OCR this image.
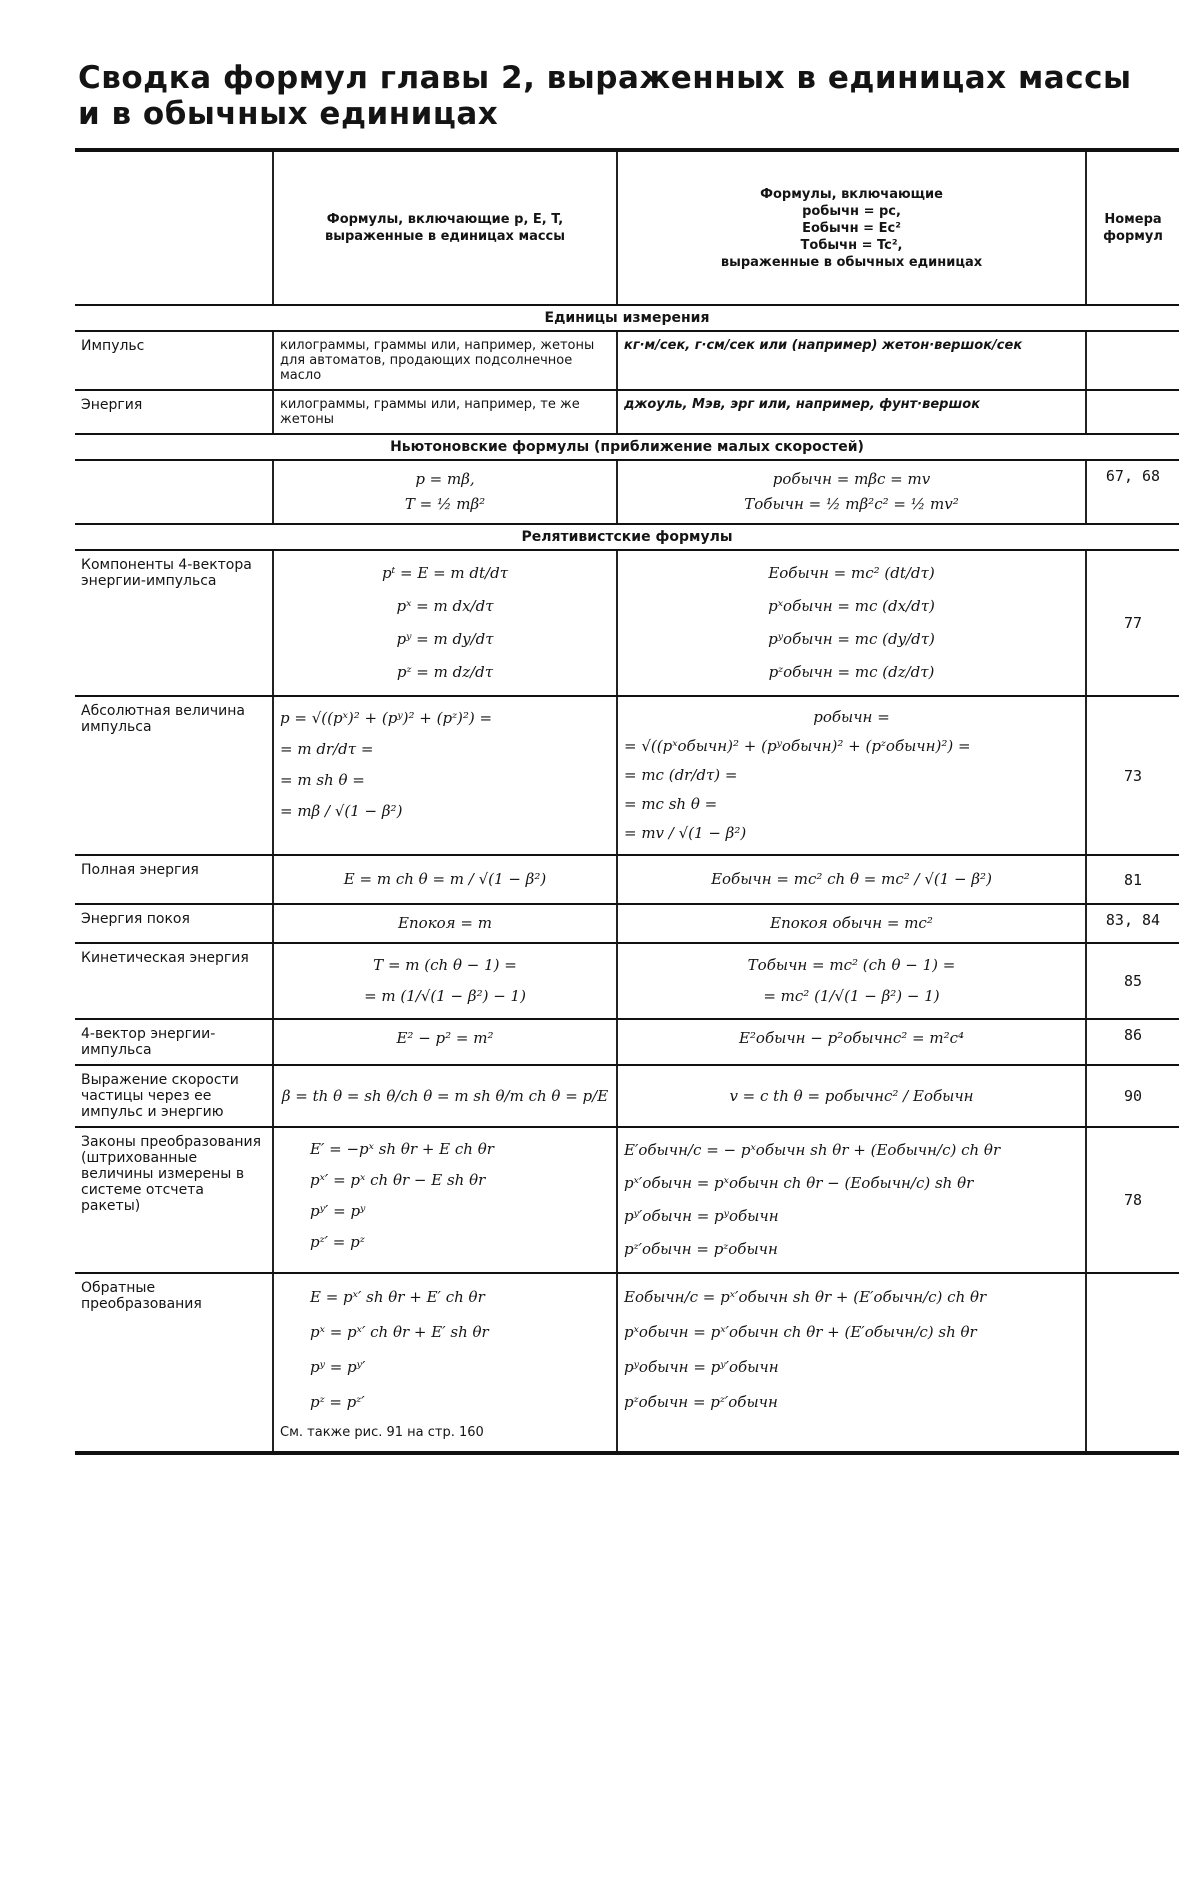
Сводка формул главы 2, выраженных в единицах массы и в обычных единицах
	Формулы, включающие p, E, T, выраженные в единицах массы	Формулы, включающие
pобычн = pc,
Eобычн = Ec²
Tобычн = Tc²,
выраженные в обычных единицах	Номера формул
Единицы измерения			
Импульс	килограммы, граммы или, например, жетоны для автоматов, продающих подсолнечное масло	кг·м/сек, г·см/сек или (например) жетон·вершок/сек	
Энергия	килограммы, граммы или, например, те же жетоны	джоуль, Мэв, эрг или, например, фунт·вершок	
Ньютоновские формулы (приближение малых скоростей)			

	p = mβ,
T = ½ mβ²	pобычн = mβc = mv
Tобычн = ½ mβ²c² = ½ mv²	67, 68
Релятивистские формулы			
Компоненты 4-вектора энергии-импульса	pᵗ = E = m dt/dτ
pˣ = m dx/dτ
pʸ = m dy/dτ
pᶻ = m dz/dτ	Eобычн = mc² (dt/dτ)
pˣобычн = mc (dx/dτ)
pʸобычн = mc (dy/dτ)
pᶻобычн = mc (dz/dτ)	77
Абсолютная величина импульса	p = √((pˣ)² + (pʸ)² + (pᶻ)²) =
= m dr/dτ =
= m sh θ =
= mβ / √(1 − β²)	pобычн =
= √((pˣобычн)² + (pʸобычн)² + (pᶻобычн)²) =
= mc (dr/dτ) =
= mc sh θ =
= mv / √(1 − β²)	73
Полная энергия	E = m ch θ = m / √(1 − β²)	Eобычн = mc² ch θ = mc² / √(1 − β²)	81
Энергия покоя	Eпокоя = m	Eпокоя обычн = mc²	83, 84
Кинетическая энергия	T = m (ch θ − 1) =
= m (1/√(1 − β²) − 1)	Tобычн = mc² (ch θ − 1) =
= mc² (1/√(1 − β²) − 1)	85
4-вектор энергии-импульса	E² − p² = m²	E²обычн − p²обычнc² = m²c⁴	86
Выражение скорости частицы через ее импульс и энергию	β = th θ = sh θ/ch θ = m sh θ/m ch θ = p/E	v = c th θ = pобычнc² / Eобычн	90
Законы преобразования (штрихованные величины измерены в системе отсчета ракеты)	E′ = −pˣ sh θr + E ch θr
pˣ′ = pˣ ch θr − E sh θr
pʸ′ = pʸ
pᶻ′ = pᶻ	E′обычн/c = − pˣобычн sh θr + (Eобычн/c) ch θr
pˣ′обычн = pˣобычн ch θr − (Eобычн/c) sh θr
pʸ′обычн = pʸобычн
pᶻ′обычн = pᶻобычн	78
Обратные преобразования	E = pˣ′ sh θr + E′ ch θr
pˣ = pˣ′ ch θr + E′ sh θr
pʸ = pʸ′
pᶻ = pᶻ′
См. также рис. 91 на стр. 160	Eобычн/c = pˣ′обычн sh θr + (E′обычн/c) ch θr
pˣобычн = pˣ′обычн ch θr + (E′обычн/c) sh θr
pʸобычн = pʸ′обычн
pᶻобычн = pᶻ′обычн	
